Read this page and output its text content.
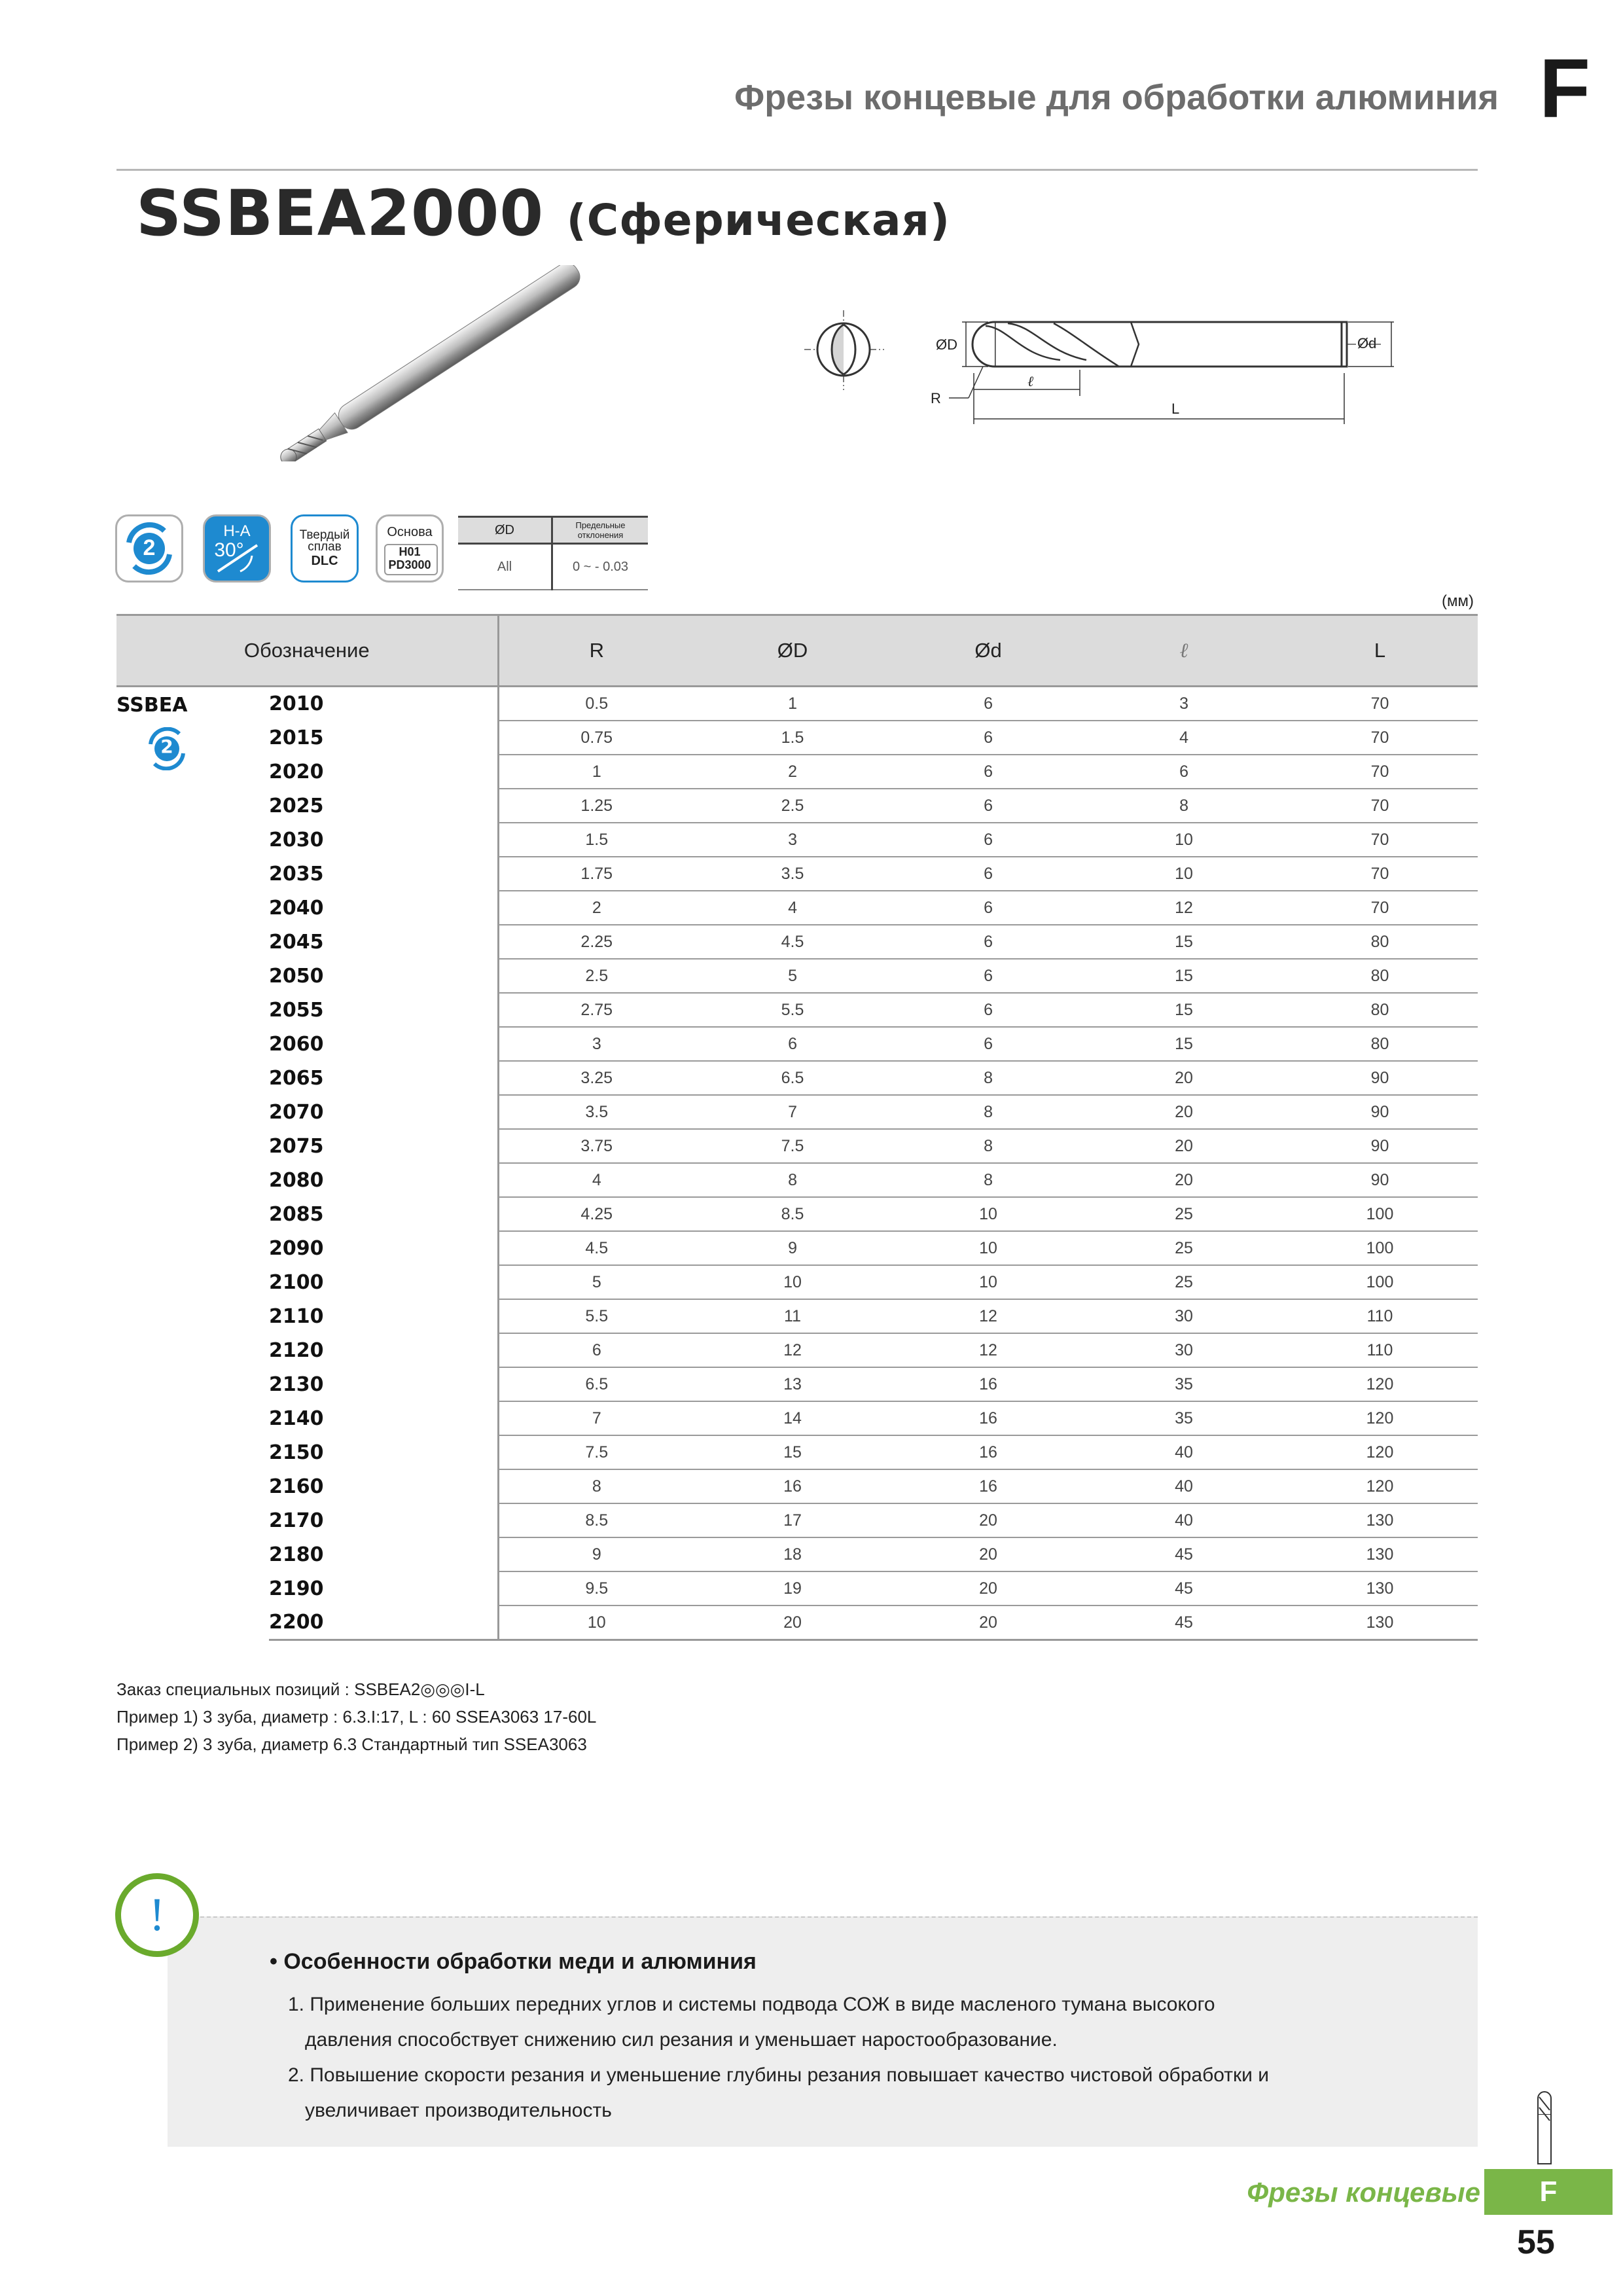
Фрезы концевые для обработки алюминия F
SSBEA2000 (Сферическая)
ØD	Ød
R
ℓ
L
2
H-A
30°
Твердый
сплав
DLC
Основа
H01
PD3000
ØD	Предельные
отклонения
All	0 ~ - 0.03
(мм)
Обозначение		R	ØD	Ød	ℓ	L

SSBEA
2	2010	0.5	1	6	3	70
	2015	0.75	1.5	6	4	70
	2020	1	2	6	6	70
	2025	1.25	2.5	6	8	70
	2030	1.5	3	6	10	70
	2035	1.75	3.5	6	10	70
	2040	2	4	6	12	70
	2045	2.25	4.5	6	15	80
	2050	2.5	5	6	15	80
	2055	2.75	5.5	6	15	80
	2060	3	6	6	15	80
	2065	3.25	6.5	8	20	90
	2070	3.5	7	8	20	90
	2075	3.75	7.5	8	20	90
	2080	4	8	8	20	90
	2085	4.25	8.5	10	25	100
	2090	4.5	9	10	25	100
	2100	5	10	10	25	100
	2110	5.5	11	12	30	110
	2120	6	12	12	30	110
	2130	6.5	13	16	35	120
	2140	7	14	16	35	120
	2150	7.5	15	16	40	120
	2160	8	16	16	40	120
	2170	8.5	17	20	40	130
	2180	9	18	20	45	130
	2190	9.5	19	20	45	130
	2200	10	20	20	45	130
Заказ специальных позиций : SSBEA2◎◎◎I-L
Пример 1) 3 зуба, диаметр : 6.3.I:17, L : 60 SSEA3063 17-60L
Пример 2) 3 зуба, диаметр 6.3 Стандартный тип SSEA3063
!
• Особенности обработки меди и алюминия
1. Применение больших передних углов и системы подвода СОЖ в виде масленого тумана высокого
давления способствует снижению сил резания и уменьшает наростообразование.
2. Повышение скорости резания и уменьшение глубины резания повышает качество чистовой обработки и
увеличивает производительность
Фрезы концевые	F
55
